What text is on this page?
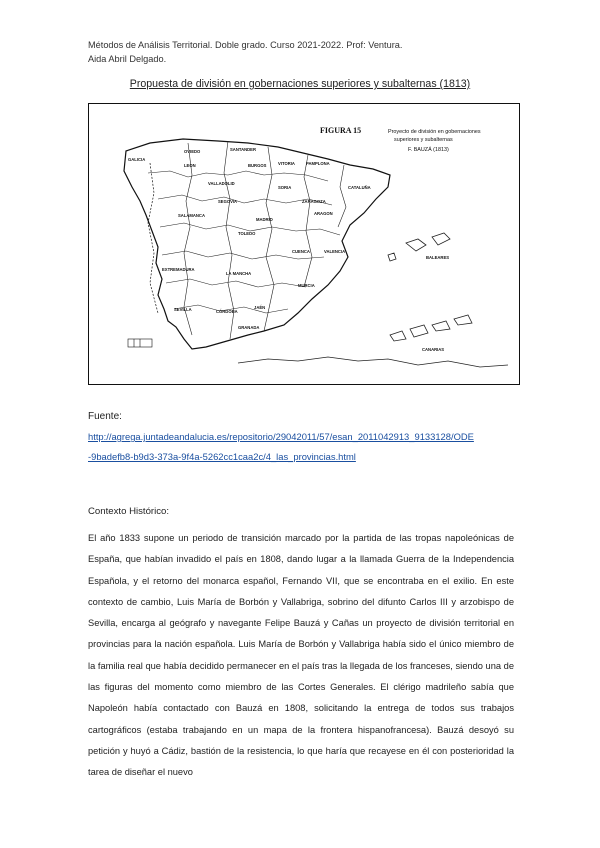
Métodos de Análisis Territorial. Doble grado. Curso 2021-2022. Prof: Ventura.
Aida Abril Delgado.
Propuesta de división en gobernaciones superiores y subalternas (1813)
FIGURA 15	Proyecto de división en gobernaciones
superiores y subalternas
F. BAUZÁ (1813)
GALICIA
OVIEDO	SANTANDER
LEON	BURGOS	VITORIA	PAMPLONA
ZARAGOZA
CATALUÑA
VALLADOLID
SORIA
SALAMANCA
SEGOVIA
ARAGON
TOLEDO
MADRID
CUENCA	VALENCIA
EXTREMADURA
LA MANCHA
MURCIA
SEVILLA	CÓRDOBA
JAÉN
GRANADA
CANARIAS
BALEARES
Fuente:
http://agrega.juntadeandalucia.es/repositorio/29042011/57/esan_2011042913_9133128/ODE
-9badefb8-b9d3-373a-9f4a-5262cc1caa2c/4_las_provincias.html
Contexto Histórico:
El año 1833 supone un periodo de transición marcado por la partida de las tropas napoleónicas de España, que habían invadido el país en 1808, dando lugar a la llamada Guerra de la Independencia Española, y el retorno del monarca español, Fernando VII, que se encontraba en el exilio. En este contexto de cambio, Luis María de Borbón y Vallabriga, sobrino del difunto Carlos III y arzobispo de Sevilla, encarga al geógrafo y navegante Felipe Bauzá y Cañas un proyecto de división territorial en provincias para la nación española. Luis María de Borbón y Vallabriga había sido el único miembro de la familia real que había decidido permanecer en el país tras la llegada de los franceses, siendo una de las figuras del momento como miembro de las Cortes Generales. El clérigo madrileño sabía que Napoleón había contactado con Bauzá en 1808, solicitando la entrega de todos sus trabajos cartográficos (estaba trabajando en un mapa de la frontera hispanofrancesa). Bauzá desoyó su petición y huyó a Cádiz, bastión de la resistencia, lo que haría que recayese en él con posterioridad la tarea de diseñar el nuevo
